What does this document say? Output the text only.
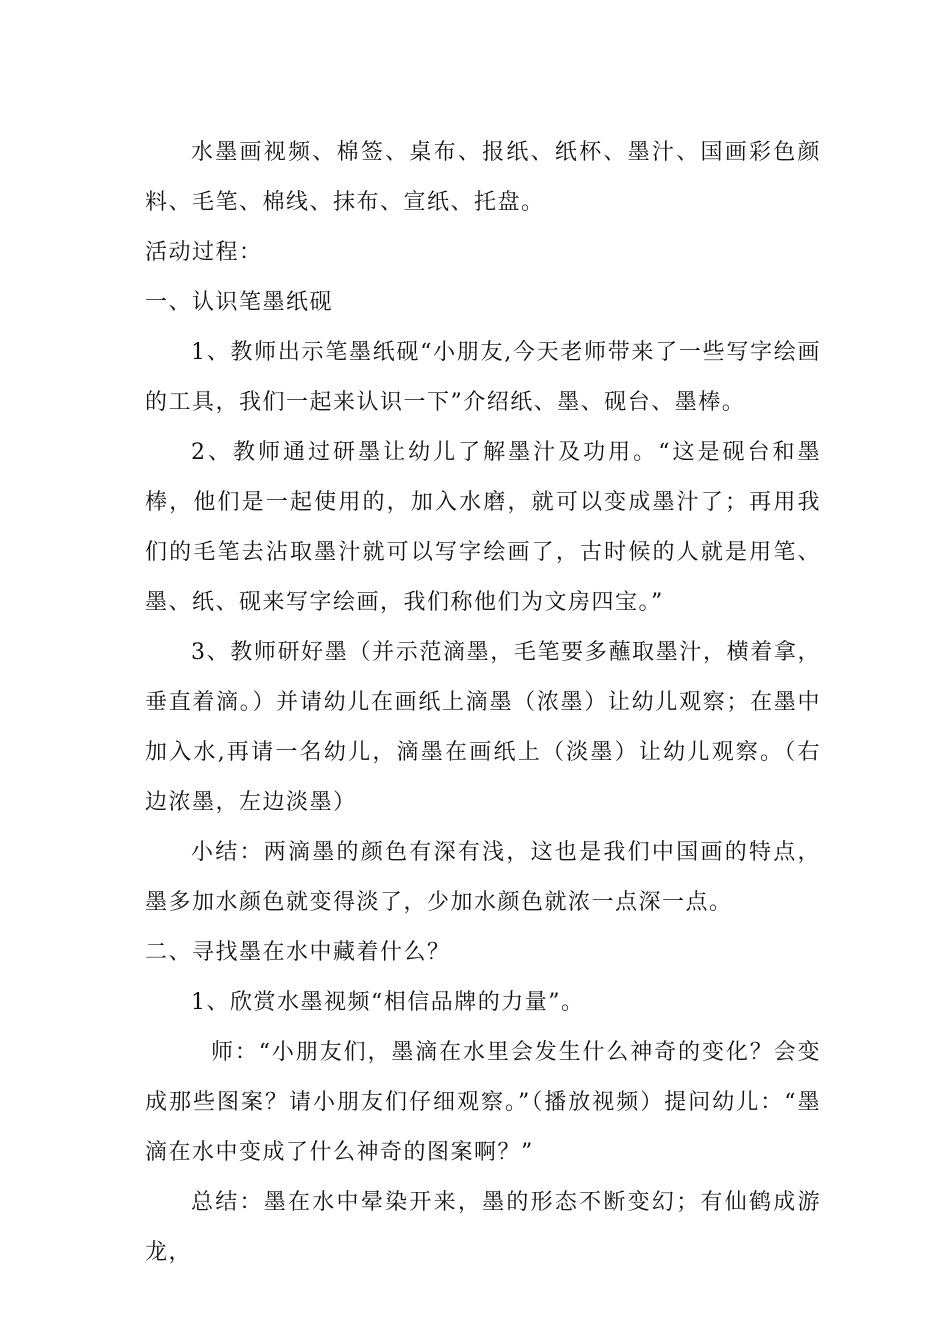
水墨画视频、棉签、桌布、报纸、纸杯、墨汁、国画彩色颜料、毛笔、棉线、抹布、宣纸、托盘。

活动过程：

一、认识笔墨纸砚

1、教师出示笔墨纸砚“小朋友,今天老师带来了一些写字绘画的工具，我们一起来认识一下”介绍纸、墨、砚台、墨棒。

2、教师通过研墨让幼儿了解墨汁及功用。“这是砚台和墨棒，他们是一起使用的，加入水磨，就可以变成墨汁了；再用我们的毛笔去沾取墨汁就可以写字绘画了，古时候的人就是用笔、墨、纸、砚来写字绘画，我们称他们为文房四宝。”

3、教师研好墨（并示范滴墨，毛笔要多蘸取墨汁，横着拿，垂直着滴。）并请幼儿在画纸上滴墨（浓墨）让幼儿观察；在墨中加入水,再请一名幼儿，滴墨在画纸上（淡墨）让幼儿观察。（右边浓墨，左边淡墨）

小结：两滴墨的颜色有深有浅，这也是我们中国画的特点，墨多加水颜色就变得淡了，少加水颜色就浓一点深一点。

二、寻找墨在水中藏着什么？

1、欣赏水墨视频“相信品牌的力量”。

师：“小朋友们，墨滴在水里会发生什么神奇的变化？会变成那些图案？请小朋友们仔细观察。”（播放视频）提问幼儿：“墨滴在水中变成了什么神奇的图案啊？”

总结：墨在水中晕染开来，墨的形态不断变幻；有仙鹤成游龙，
